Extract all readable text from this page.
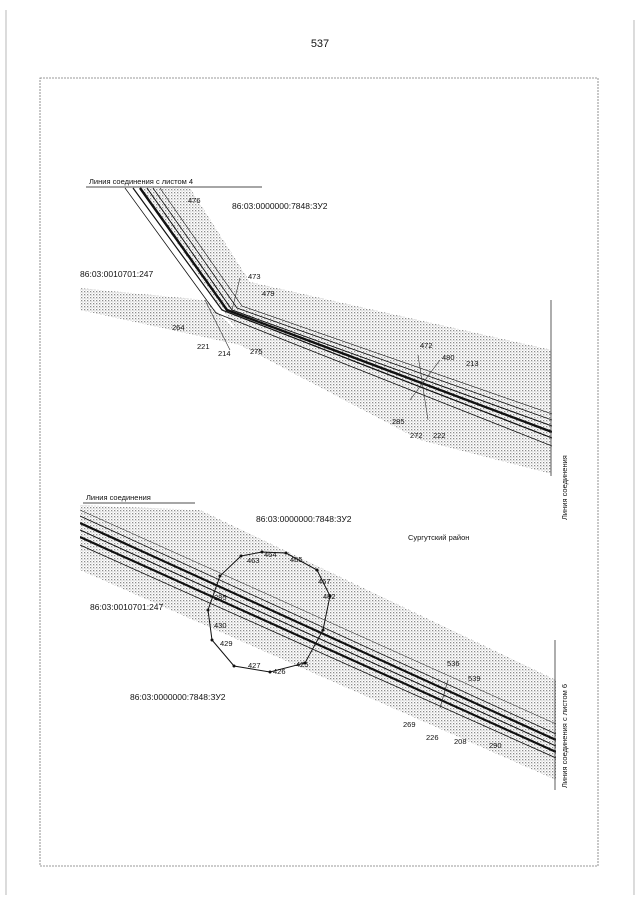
537
Линия соединения с листом 4
86:03:0000000:7848:ЗУ2
86:03:0010701:247
476
473
479
264
221
214	275
472
480
213
285
272 222
Линия соединения
Линия соединения
86:03:0000000:7848:ЗУ2
Сургутский район
86:03:0010701:247
86:03:0000000:7848:ЗУ2
464
465
463
467
462
285
430
429
427
426
425	536
539
269
226 208	290	Линия соединения с листом 6
